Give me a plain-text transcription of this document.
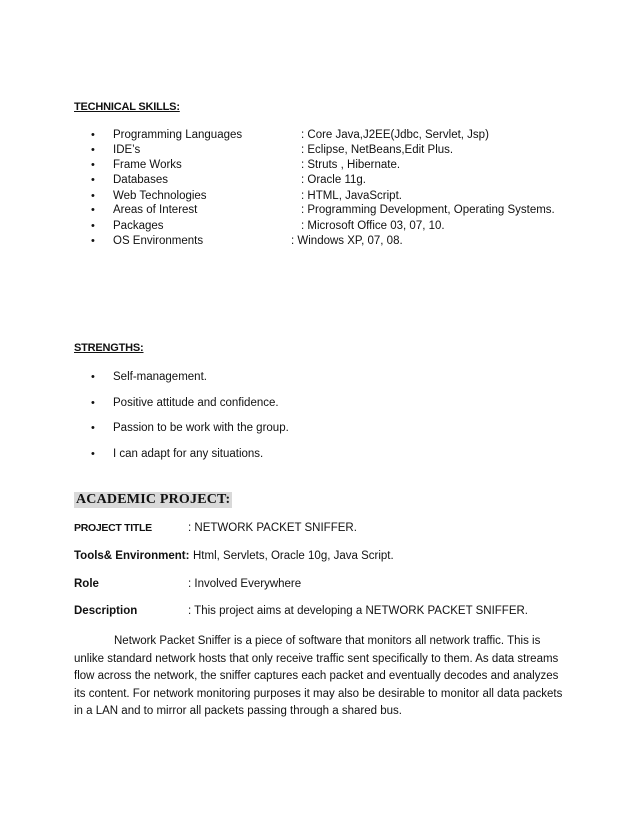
TECHNICAL SKILLS:
• Programming Languages	: Core Java,J2EE(Jdbc, Servlet, Jsp)
• IDE’s	: Eclipse, NetBeans,Edit Plus.
• Frame Works	: Struts , Hibernate.
• Databases	: Oracle 11g.
• Web Technologies	: HTML, JavaScript.
• Areas of Interest	: Programming Development, Operating Systems.
• Packages	: Microsoft Office 03, 07, 10.
• OS Environments	: Windows XP, 07, 08.
STRENGTHS:
• Self-management.
• Positive attitude and confidence.
• Passion to be work with the group.
• I can adapt for any situations.
ACADEMIC PROJECT:
PROJECT TITLE	: NETWORK PACKET SNIFFER.
Tools& Environment: Html, Servlets, Oracle 10g, Java Script.
Role	: Involved Everywhere
Description	: This project aims at developing a NETWORK PACKET SNIFFER.
Network Packet Sniffer is a piece of software that monitors all network traffic. This is unlike standard network hosts that only receive traffic sent specifically to them. As data streams flow across the network, the sniffer captures each packet and eventually decodes and analyzes its content. For network monitoring purposes it may also be desirable to monitor all data packets in a LAN and to mirror all packets passing through a shared bus.
